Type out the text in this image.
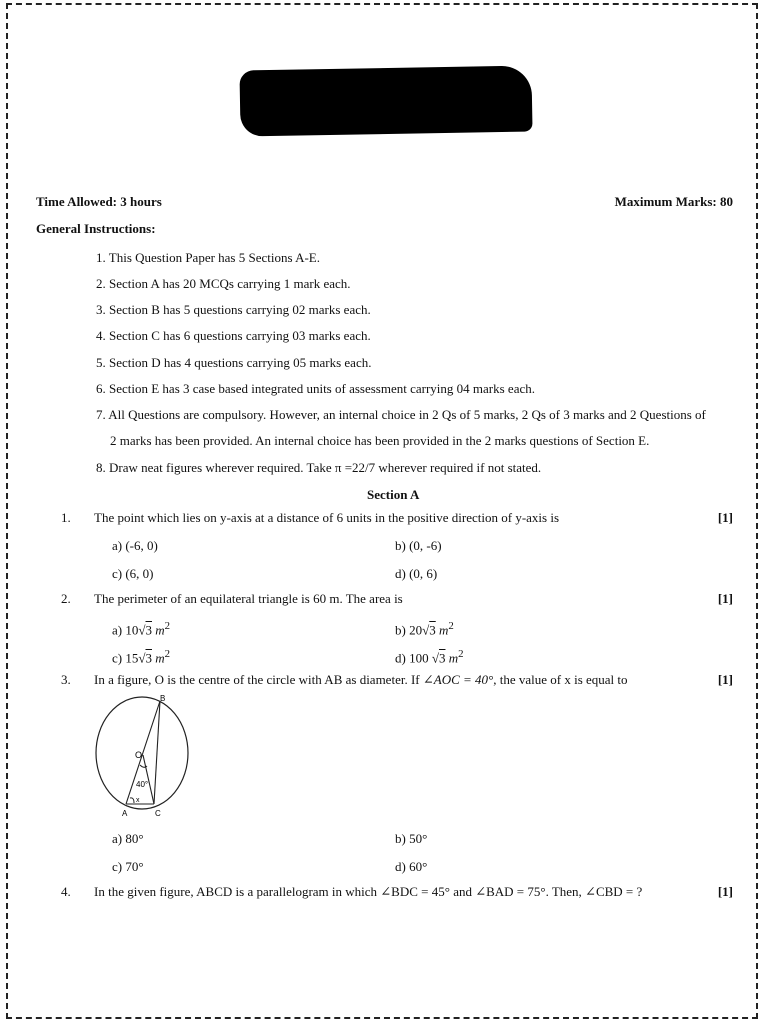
Time Allowed: 3 hours	Maximum Marks: 80
General Instructions:
1. This Question Paper has 5 Sections A-E.
2. Section A has 20 MCQs carrying 1 mark each.
3. Section B has 5 questions carrying 02 marks each.
4. Section C has 6 questions carrying 03 marks each.
5. Section D has 4 questions carrying 05 marks each.
6. Section E has 3 case based integrated units of assessment carrying 04 marks each.
7. All Questions are compulsory. However, an internal choice in 2 Qs of 5 marks, 2 Qs of 3 marks and 2 Questions of
2 marks has been provided. An internal choice has been provided in the 2 marks questions of Section E.
8. Draw neat figures wherever required. Take π =22/7 wherever required if not stated.
Section A
1. The point which lies on y-axis at a distance of 6 units in the positive direction of y-axis is	[1]
a) (-6, 0)	b) (0, -6)
c) (6, 0)	d) (0, 6)
2. The perimeter of an equilateral triangle is 60 m. The area is	[1]
a) 10√3 $m^2$	b) 20√3 $m^2$
c) 15√3 $m^2$	d) 100 √3 $m^2$
3. In a figure, O is the centre of the circle with AB as diameter. If ∠AOC = 40°, the value of x is equal to	[1]
B
O
40°
x
A	C
a) 80°	b) 50°
c) 70°	d) 60°
4. In the given figure, ABCD is a parallelogram in which ∠BDC = 45° and ∠BAD = 75°. Then, ∠CBD = ?	[1]
